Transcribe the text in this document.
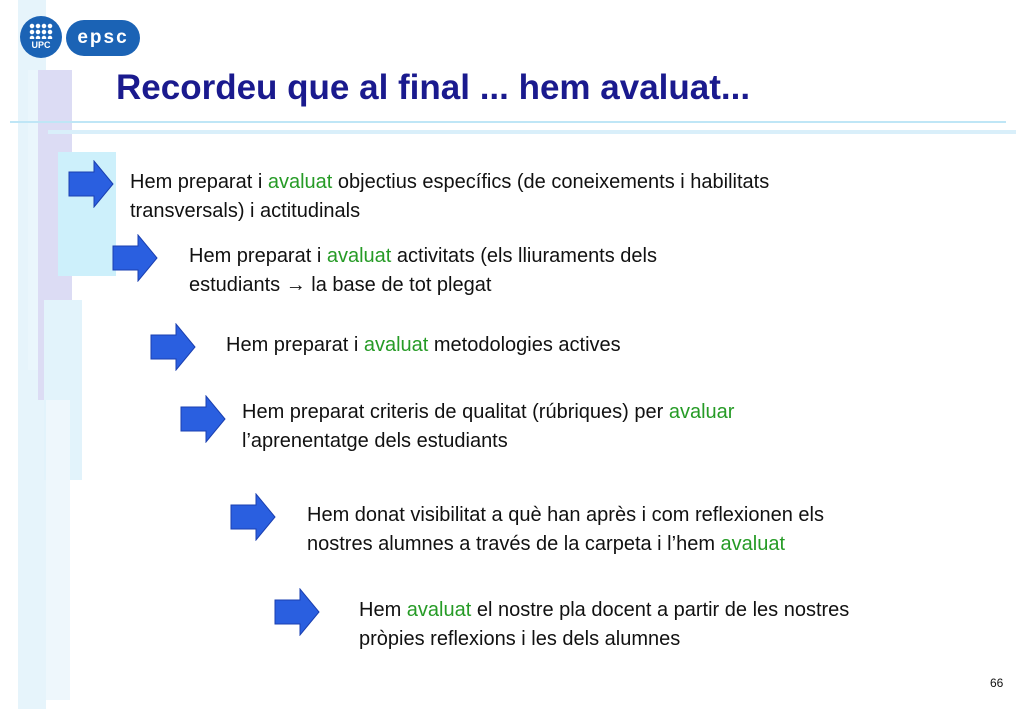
UPC	epsc
Recordeu que al final ... hem avaluat...
Hem preparat i avaluat objectius específics (de coneixements i habilitats
transversals) i actitudinals
Hem preparat i avaluat activitats (els lliuraments dels
estudiants → la base de tot plegat
Hem preparat i avaluat metodologies actives
Hem preparat criteris de qualitat (rúbriques) per avaluar
l’aprenentatge dels estudiants
Hem donat visibilitat a què han après i com reflexionen els
nostres alumnes a través de la carpeta i l’hem avaluat
Hem avaluat el nostre pla docent a partir de les nostres
pròpies reflexions i les dels alumnes
66
